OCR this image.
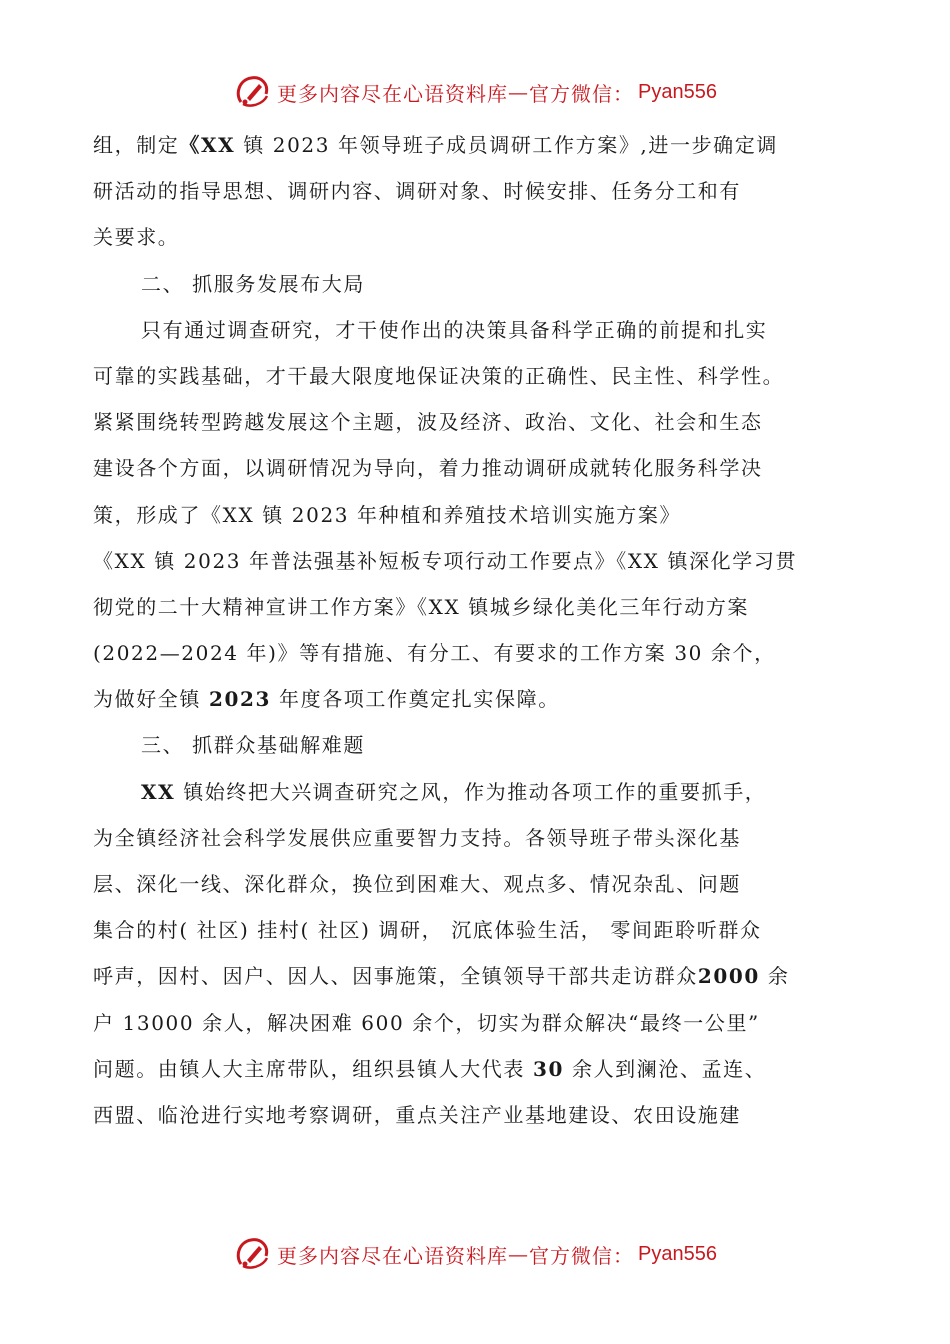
更多内容尽在心语资料库 — 官方微信： Pyan556
组，制定《XX 镇 2023 年领导班子成员调研工作方案》,进一步确定调
研活动的指导思想、调研内容、调研对象、时候安排、任务分工和有
关要求。
二、 抓服务发展布大局
只有通过调查研究，才干使作出的决策具备科学正确的前提和扎实
可靠的实践基础，才干最大限度地保证决策的正确性、民主性、科学性。
紧紧围绕转型跨越发展这个主题，波及经济、政治、文化、社会和生态
建设各个方面，以调研情况为导向，着力推动调研成就转化服务科学决
策，形成了《XX 镇 2023 年种植和养殖技术培训实施方案》
《XX 镇 2023 年普法强基补短板专项行动工作要点》《XX 镇深化学习贯
彻党的二十大精神宣讲工作方案》《XX 镇城乡绿化美化三年行动方案
(2022—2024 年)》等有措施、有分工、有要求的工作方案 30 余个，
为做好全镇 2023 年度各项工作奠定扎实保障。
三、 抓群众基础解难题
XX 镇始终把大兴调查研究之风，作为推动各项工作的重要抓手，
为全镇经济社会科学发展供应重要智力支持。各领导班子带头深化基
层、深化一线、深化群众，换位到困难大、观点多、情况杂乱、问题
集合的村( 社区) 挂村( 社区) 调研， 沉底体验生活， 零间距聆听群众
呼声，因村、因户、因人、因事施策，全镇领导干部共走访群众2000 余
户 13000 余人，解决困难 600 余个，切实为群众解决“最终一公里”
问题。由镇人大主席带队，组织县镇人大代表 30 余人到澜沧、孟连、
西盟、临沧进行实地考察调研，重点关注产业基地建设、农田设施建
更多内容尽在心语资料库 — 官方微信： Pyan556
